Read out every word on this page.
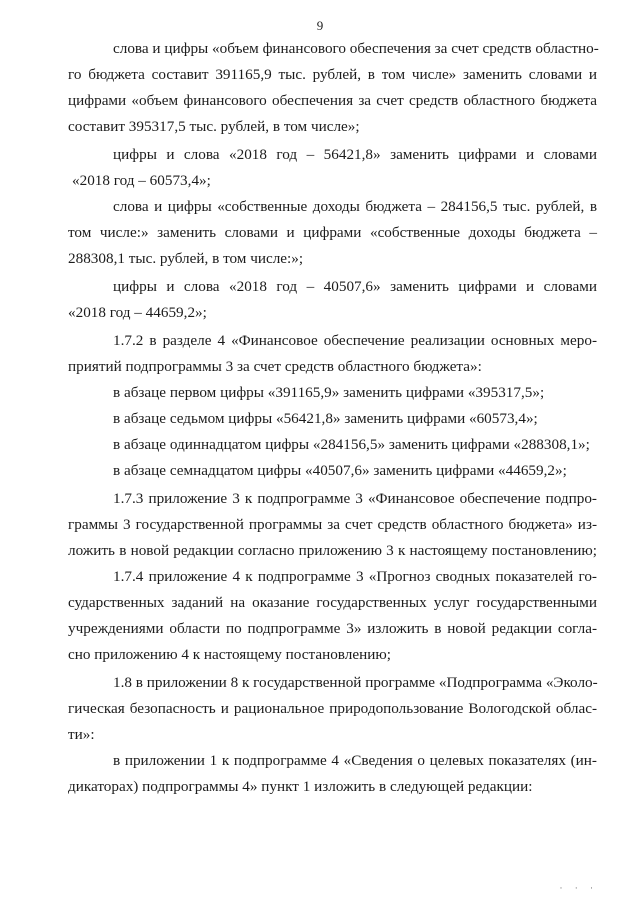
9

слова и цифры «объем финансового обеспечения за счет средств областно-

го бюджета составит 391165,9 тыс. рублей, в том числе» заменить словами и

цифрами «объем финансового обеспечения за счет средств областного бюджета

составит 395317,5 тыс. рублей, в том числе»;

цифры и слова «2018 год – 56421,8» заменить цифрами и словами

«2018 год – 60573,4»;

слова и цифры «собственные доходы бюджета – 284156,5 тыс. рублей, в

том числе:» заменить словами и цифрами «собственные доходы бюджета –

288308,1 тыс. рублей, в том числе:»;

цифры и слова «2018 год – 40507,6» заменить цифрами и словами

«2018 год – 44659,2»;

1.7.2 в разделе 4 «Финансовое обеспечение реализации основных меро-

приятий подпрограммы 3 за счет средств областного бюджета»:

в абзаце первом цифры «391165,9» заменить цифрами «395317,5»;

в абзаце седьмом цифры «56421,8» заменить цифрами «60573,4»;

в абзаце одиннадцатом цифры «284156,5» заменить цифрами «288308,1»;

в абзаце семнадцатом цифры «40507,6» заменить цифрами «44659,2»;

1.7.3 приложение 3 к подпрограмме 3 «Финансовое обеспечение подпро-

граммы 3 государственной программы за счет средств областного бюджета» из-

ложить в новой редакции согласно приложению 3 к настоящему постановлению;

1.7.4 приложение 4 к подпрограмме 3 «Прогноз сводных показателей го-

сударственных заданий на оказание государственных услуг государственными

учреждениями области по подпрограмме 3» изложить в новой редакции согла-

сно приложению 4 к настоящему постановлению;

1.8 в приложении 8 к государственной программе «Подпрограмма «Эколо-

гическая безопасность и рациональное природопользование Вологодской облас-

ти»:

в приложении 1 к подпрограмме 4 «Сведения о целевых показателях (ин-

дикаторах) подпрограммы 4» пункт 1 изложить в следующей редакции:

· · ·
